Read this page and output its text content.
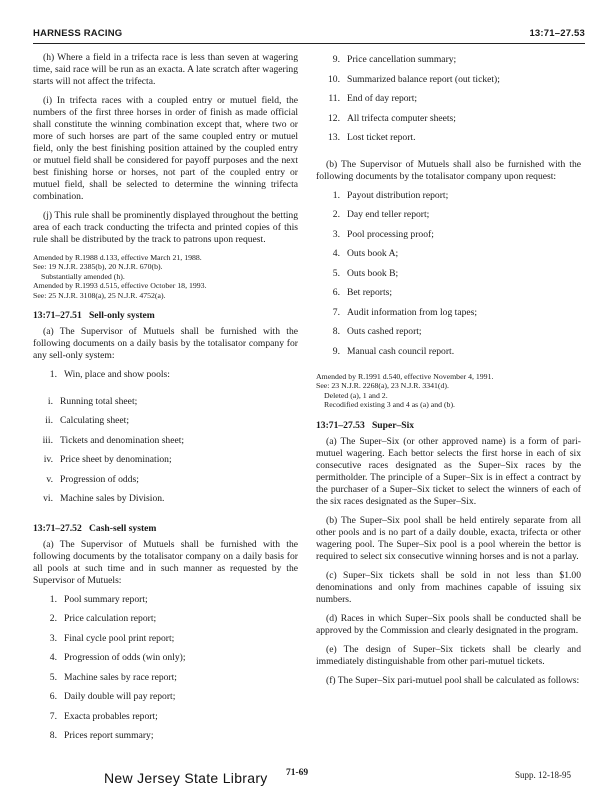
HARNESS RACING	13:71–27.53

(h) Where a field in a trifecta race is less than seven at wagering time, said race will be run as an exacta. A late scratch after wagering starts will not affect the trifecta.

(i) In trifecta races with a coupled entry or mutuel field, the numbers of the first three horses in order of finish as made official shall constitute the winning combination except that, where two or more of such horses are part of the same coupled entry or mutuel field, only the best finishing position attained by the coupled entry or mutuel field shall be considered for payoff purposes and the next best finishing horse or horses, not part of the coupled entry or mutuel field, shall be selected to determine the winning trifecta combination.

(j) This rule shall be prominently displayed throughout the betting area of each track conducting the trifecta and printed copies of this rule shall be distributed by the track to patrons upon request.

Amended by R.1988 d.133, effective March 21, 1988.

See: 19 N.J.R. 2385(b), 20 N.J.R. 670(b).

Substantially amended (h).

Amended by R.1993 d.515, effective October 18, 1993.

See: 25 N.J.R. 3108(a), 25 N.J.R. 4752(a).

13:71–27.51 Sell-only system

(a) The Supervisor of Mutuels shall be furnished with the following documents on a daily basis by the totalisator company for any sell-only system:

1. Win, place and show pools:
i. Running total sheet;
ii. Calculating sheet;
iii. Tickets and denomination sheet;
iv. Price sheet by denomination;
v. Progression of odds;
vi. Machine sales by Division.
13:71–27.52 Cash-sell system

(a) The Supervisor of Mutuels shall be furnished with the following documents by the totalisator company on a daily basis for all pools at such time and in such manner as requested by the Supervisor of Mutuels:

1. Pool summary report;
2. Price calculation report;
3. Final cycle pool print report;
4. Progression of odds (win only);
5. Machine sales by race report;
6. Daily double will pay report;
7. Exacta probables report;
8. Prices report summary;
9. Price cancellation summary;
10. Summarized balance report (out ticket);
11. End of day report;
12. All trifecta computer sheets;
13. Lost ticket report.

(b) The Supervisor of Mutuels shall also be furnished with the following documents by the totalisator company upon request:

1. Payout distribution report;
2. Day end teller report;
3. Pool processing proof;
4. Outs book A;
5. Outs book B;
6. Bet reports;
7. Audit information from log tapes;
8. Outs cashed report;
9. Manual cash council report.

Amended by R.1991 d.540, effective November 4, 1991.

See: 23 N.J.R. 2268(a), 23 N.J.R. 3341(d).

Deleted (a), 1 and 2.

Recodified existing 3 and 4 as (a) and (b).

13:71–27.53 Super–Six

(a) The Super–Six (or other approved name) is a form of pari-mutuel wagering. Each bettor selects the first horse in each of six consecutive races designated as the Super–Six races by the permitholder. The principle of a Super–Six is in effect a contract by the purchaser of a Super–Six ticket to select the winners of each of the six races designated as the Super–Six.

(b) The Super–Six pool shall be held entirely separate from all other pools and is no part of a daily double, exacta, trifecta or other wagering pool. The Super–Six pool is a pool wherein the bettor is required to select six consecutive winning horses and is not a parlay.

(c) Super–Six tickets shall be sold in not less than $1.00 denominations and only from machines capable of issuing six numbers.

(d) Races in which Super–Six pools shall be conducted shall be approved by the Commission and clearly designated in the program.

(e) The design of Super–Six tickets shall be clearly and immediately distinguishable from other pari-mutuel tickets.

(f) The Super–Six pari-mutuel pool shall be calculated as follows:

New Jersey State Library 71-69	Supp. 12-18-95
